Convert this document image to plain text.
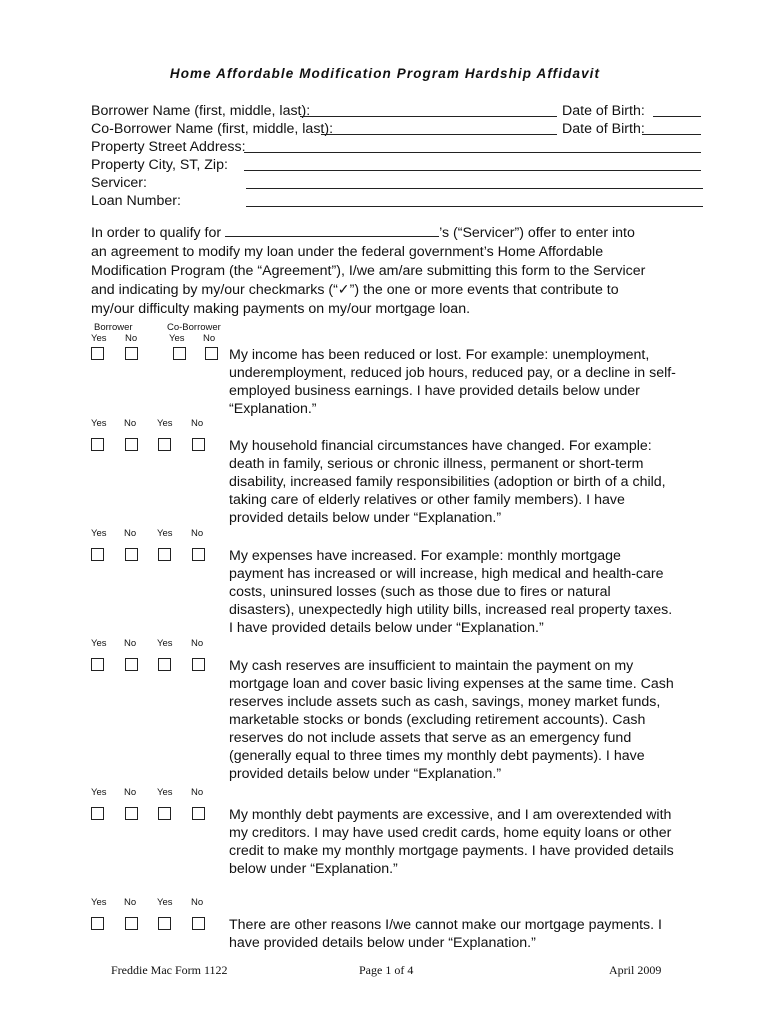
Home Affordable Modification Program Hardship Affidavit
Borrower Name (first, middle, last):	Date of Birth:
Co-Borrower Name (first, middle, last):	Date of Birth:
Property Street Address:
Property City, ST, Zip:
Servicer:
Loan Number:
In order to qualify for	’s (“Servicer”) offer to enter into an agreement to modify my loan under the federal government’s Home Affordable Modification Program (the “Agreement”), I/we am/are submitting this form to the Servicer and indicating by my/our checkmarks (“✓”) the one or more events that contribute to my/our difficulty making payments on my/our mortgage loan.
Borrower	Co-Borrower
Yes No	Yes No
My income has been reduced or lost. For example: unemployment, underemployment, reduced job hours, reduced pay, or a decline in self-employed business earnings. I have provided details below under “Explanation.”
Yes No Yes No
My household financial circumstances have changed. For example: death in family, serious or chronic illness, permanent or short-term disability, increased family responsibilities (adoption or birth of a child, taking care of elderly relatives or other family members). I have provided details below under “Explanation.”
Yes No Yes No
My expenses have increased. For example: monthly mortgage payment has increased or will increase, high medical and health-care costs, uninsured losses (such as those due to fires or natural disasters), unexpectedly high utility bills, increased real property taxes. I have provided details below under “Explanation.”
Yes No Yes No
My cash reserves are insufficient to maintain the payment on my mortgage loan and cover basic living expenses at the same time. Cash reserves include assets such as cash, savings, money market funds, marketable stocks or bonds (excluding retirement accounts). Cash reserves do not include assets that serve as an emergency fund (generally equal to three times my monthly debt payments). I have provided details below under “Explanation.”
Yes No Yes No
My monthly debt payments are excessive, and I am overextended with my creditors. I may have used credit cards, home equity loans or other credit to make my monthly mortgage payments. I have provided details below under “Explanation.”
Yes No Yes No
There are other reasons I/we cannot make our mortgage payments. I have provided details below under “Explanation.”
Freddie Mac Form 1122	Page 1 of 4	April 2009
